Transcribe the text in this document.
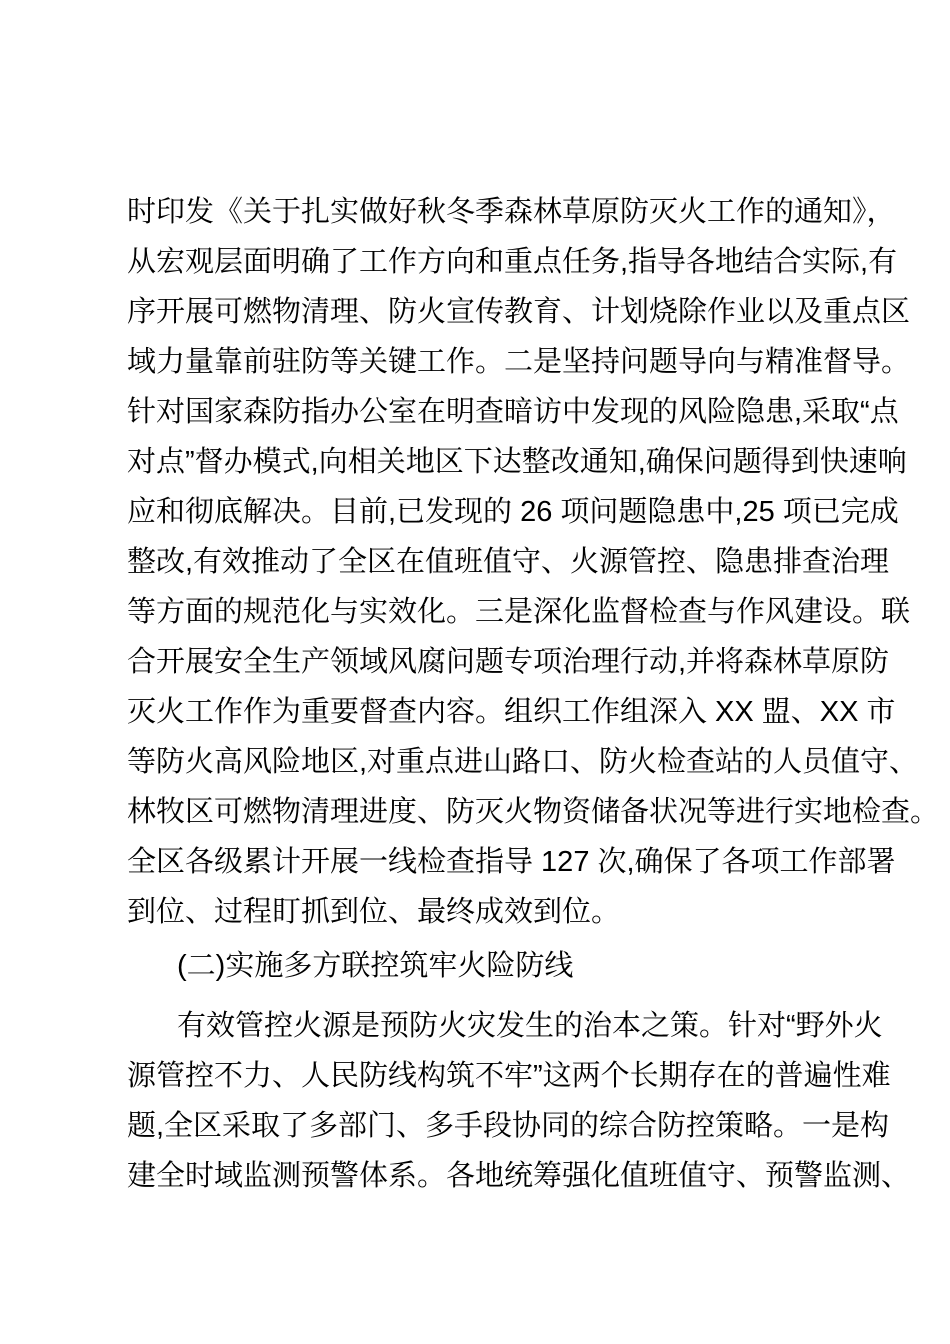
时印发《关于扎实做好秋冬季森林草原防灭火工作的通知》，
从宏观层面明确了工作方向和重点任务,指导各地结合实际,有
序开展可燃物清理、防火宣传教育、计划烧除作业以及重点区
域力量靠前驻防等关键工作。二是坚持问题导向与精准督导。
针对国家森防指办公室在明查暗访中发现的风险隐患,采取“点
对点”督办模式,向相关地区下达整改通知,确保问题得到快速响
应和彻底解决。目前,已发现的 26 项问题隐患中,25 项已完成
整改,有效推动了全区在值班值守、火源管控、隐患排查治理
等方面的规范化与实效化。三是深化监督检查与作风建设。联
合开展安全生产领域风腐问题专项治理行动,并将森林草原防
灭火工作作为重要督查内容。组织工作组深入 XX 盟、XX 市
等防火高风险地区,对重点进山路口、防火检查站的人员值守、
林牧区可燃物清理进度、防灭火物资储备状况等进行实地检查。
全区各级累计开展一线检查指导 127 次,确保了各项工作部署
到位、过程盯抓到位、最终成效到位。
(二)实施多方联控筑牢火险防线
有效管控火源是预防火灾发生的治本之策。针对“野外火
源管控不力、人民防线构筑不牢”这两个长期存在的普遍性难
题,全区采取了多部门、多手段协同的综合防控策略。一是构
建全时域监测预警体系。各地统筹强化值班值守、预警监测、
